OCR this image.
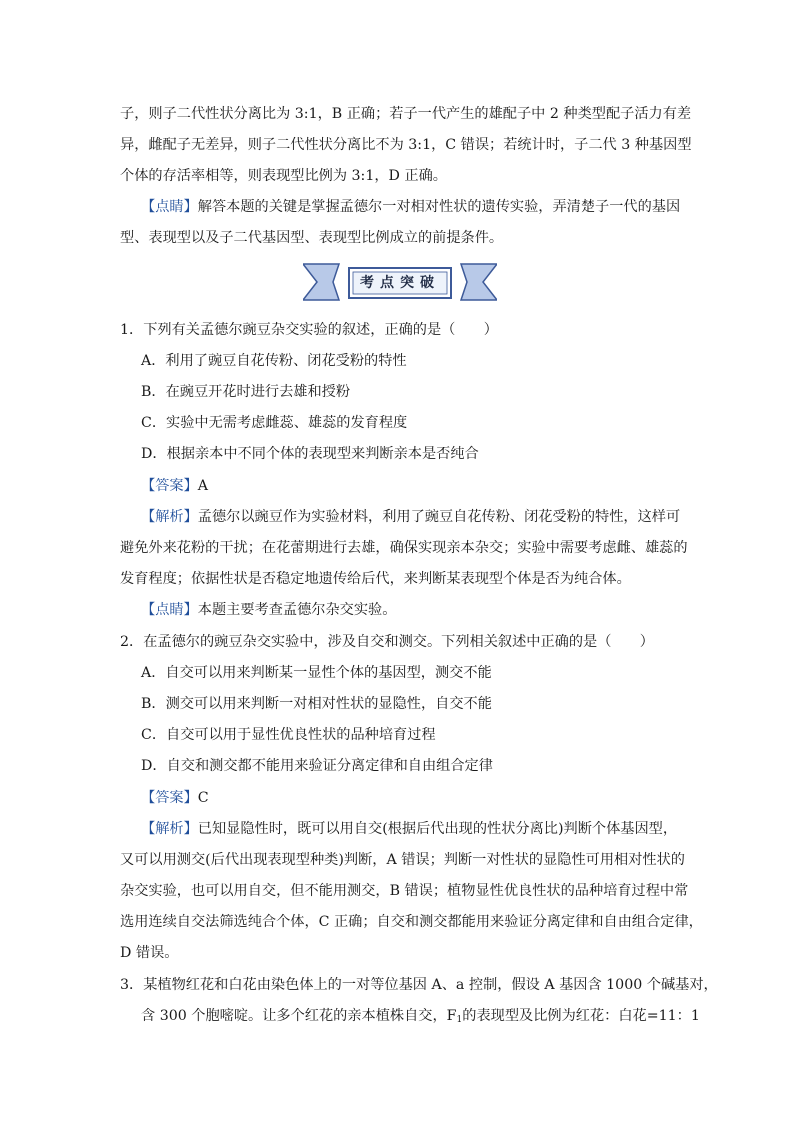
子，则子二代性状分离比为 3:1，B 正确；若子一代产生的雄配子中 2 种类型配子活力有差
异，雌配子无差异，则子二代性状分离比不为 3:1，C 错误；若统计时，子二代 3 种基因型
个体的存活率相等，则表现型比例为 3:1，D 正确。
【点睛】解答本题的关键是掌握孟德尔一对相对性状的遗传实验，弄清楚子一代的基因
型、表现型以及子二代基因型、表现型比例成立的前提条件。
考点突破
1．下列有关孟德尔豌豆杂交实验的叙述，正确的是（　　）
A．利用了豌豆自花传粉、闭花受粉的特性
B．在豌豆开花时进行去雄和授粉
C．实验中无需考虑雌蕊、雄蕊的发育程度
D．根据亲本中不同个体的表现型来判断亲本是否纯合
【答案】A
【解析】孟德尔以豌豆作为实验材料，利用了豌豆自花传粉、闭花受粉的特性，这样可
避免外来花粉的干扰；在花蕾期进行去雄，确保实现亲本杂交；实验中需要考虑雌、雄蕊的
发育程度；依据性状是否稳定地遗传给后代，来判断某表现型个体是否为纯合体。
【点睛】本题主要考查孟德尔杂交实验。
2．在孟德尔的豌豆杂交实验中，涉及自交和测交。下列相关叙述中正确的是（　　）
A．自交可以用来判断某一显性个体的基因型，测交不能
B．测交可以用来判断一对相对性状的显隐性，自交不能
C．自交可以用于显性优良性状的品种培育过程
D．自交和测交都不能用来验证分离定律和自由组合定律
【答案】C
【解析】已知显隐性时，既可以用自交(根据后代出现的性状分离比)判断个体基因型，
又可以用测交(后代出现表现型种类)判断，A 错误；判断一对性状的显隐性可用相对性状的
杂交实验，也可以用自交，但不能用测交，B 错误；植物显性优良性状的品种培育过程中常
选用连续自交法筛选纯合个体，C 正确；自交和测交都能用来验证分离定律和自由组合定律，
D 错误。
3．某植物红花和白花由染色体上的一对等位基因 A、a 控制，假设 A 基因含 1000 个碱基对，
含 300 个胞嘧啶。让多个红花的亲本植株自交，$F_1$的表现型及比例为红花：白花=11：1
